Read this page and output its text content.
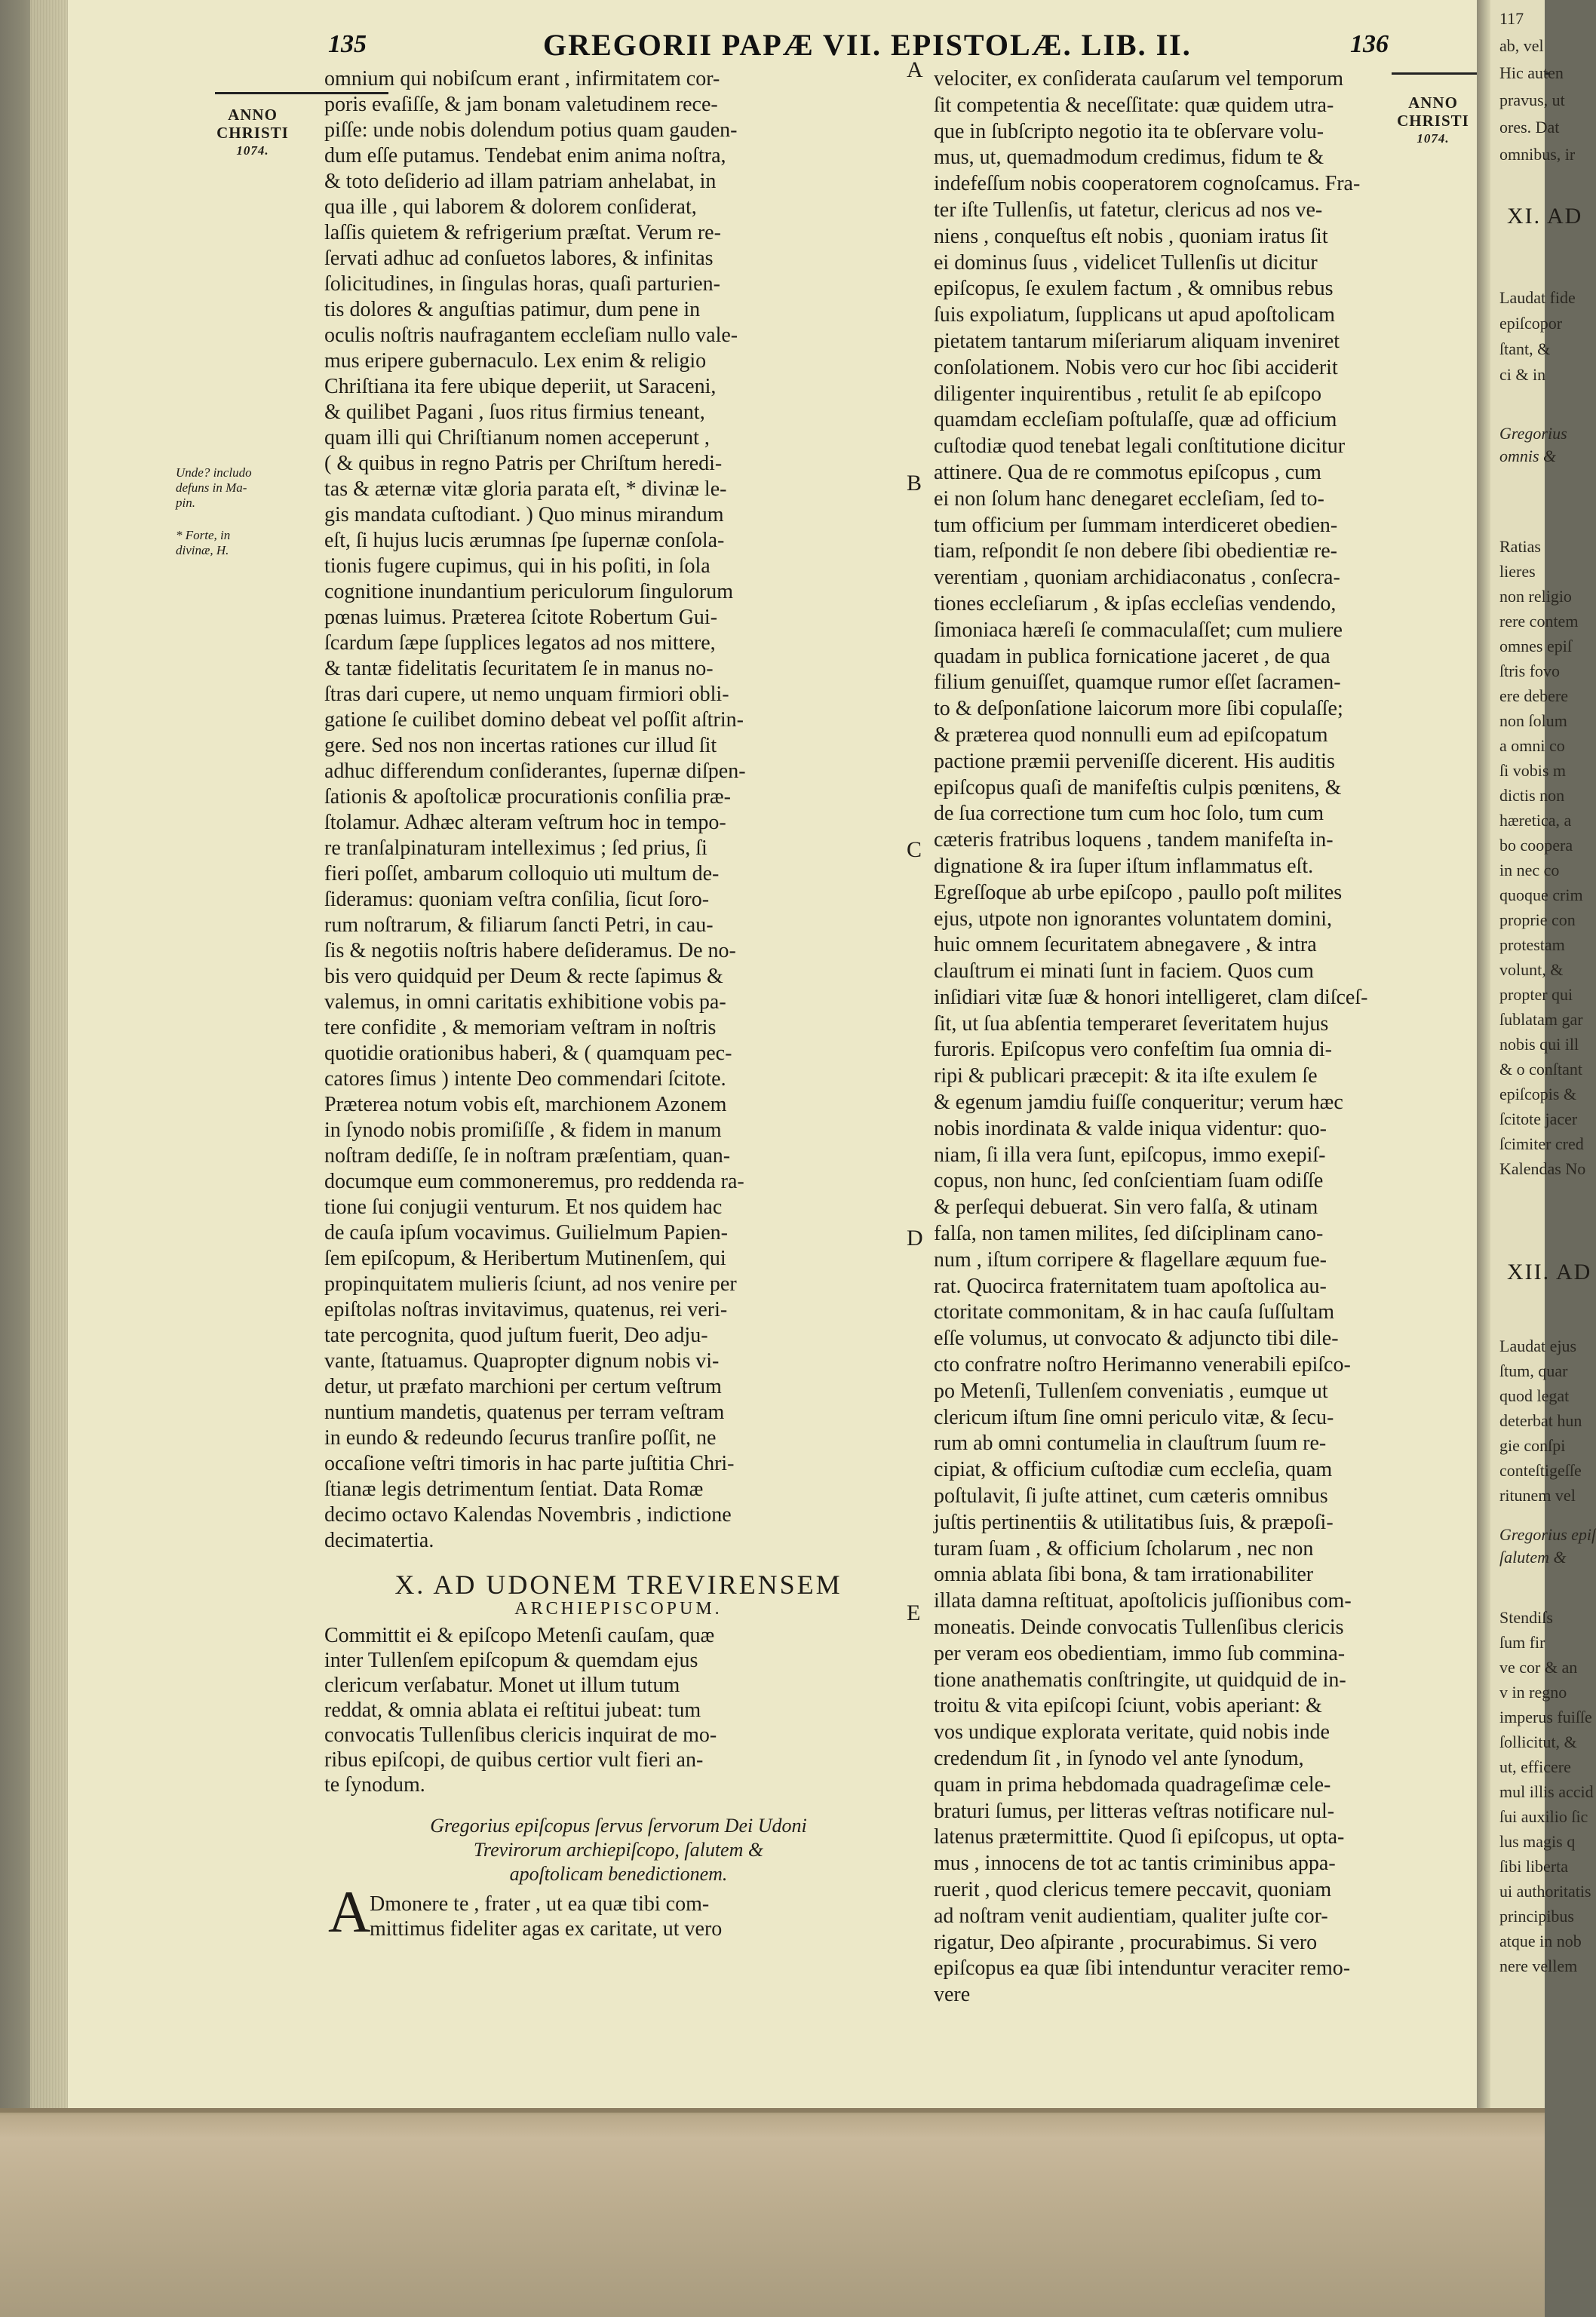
135	GREGORII PAPÆ VII. EPISTOLÆ. LIB. II.	136
ANNO
CHRISTI
1074.
ANNO
CHRISTI
1074.
Unde? includo
defuns in Ma-
pin.
* Forte, in
divinæ, H.
omnium qui nobiſcum erant , infirmitatem cor-
poris evaſiſſe, & jam bonam valetudinem rece-
piſſe: unde nobis dolendum potius quam gauden-
dum eſſe putamus. Tendebat enim anima noſtra,
& toto deſiderio ad illam patriam anhelabat, in
qua ille , qui laborem & dolorem conſiderat,
laſſis quietem & refrigerium præſtat. Verum re-
ſervati adhuc ad conſuetos labores, & infinitas
ſolicitudines, in ſingulas horas, quaſi parturien-
tis dolores & anguſtias patimur, dum pene in
oculis noſtris naufragantem eccleſiam nullo vale-
mus eripere gubernaculo. Lex enim & religio
Chriſtiana ita fere ubique deperiit, ut Saraceni,
& quilibet Pagani , ſuos ritus firmius teneant,
quam illi qui Chriſtianum nomen acceperunt ,
( & quibus in regno Patris per Chriſtum heredi-
tas & æternæ vitæ gloria parata eſt, * divinæ le-
gis mandata cuſtodiant. ) Quo minus mirandum
eſt, ſi hujus lucis ærumnas ſpe ſupernæ conſola-
tionis fugere cupimus, qui in his poſiti, in ſola
cognitione inundantium periculorum ſingulorum
pœnas luimus. Præterea ſcitote Robertum Gui-
ſcardum ſæpe ſupplices legatos ad nos mittere,
& tantæ fidelitatis ſecuritatem ſe in manus no-
ſtras dari cupere, ut nemo unquam firmiori obli-
gatione ſe cuilibet domino debeat vel poſſit aſtrin-
gere. Sed nos non incertas rationes cur illud ſit
adhuc differendum conſiderantes, ſupernæ diſpen-
ſationis & apoſtolicæ procurationis conſilia præ-
ſtolamur. Adhæc alteram veſtrum hoc in tempo-
re tranſalpinaturam intelleximus ; ſed prius, ſi
fieri poſſet, ambarum colloquio uti multum de-
ſideramus: quoniam veſtra conſilia, ſicut ſoro-
rum noſtrarum, & filiarum ſancti Petri, in cau-
ſis & negotiis noſtris habere deſideramus. De no-
bis vero quidquid per Deum & recte ſapimus &
valemus, in omni caritatis exhibitione vobis pa-
tere confidite , & memoriam veſtram in noſtris
quotidie orationibus haberi, & ( quamquam pec-
catores ſimus ) intente Deo commendari ſcitote.
Præterea notum vobis eſt, marchionem Azonem
in ſynodo nobis promiſiſſe , & fidem in manum
noſtram dediſſe, ſe in noſtram præſentiam, quan-
documque eum commoneremus, pro reddenda ra-
tione ſui conjugii venturum. Et nos quidem hac
de cauſa ipſum vocavimus. Guilielmum Papien-
ſem epiſcopum, & Heribertum Mutinenſem, qui
propinquitatem mulieris ſciunt, ad nos venire per
epiſtolas noſtras invitavimus, quatenus, rei veri-
tate percognita, quod juſtum fuerit, Deo adju-
vante, ſtatuamus. Quapropter dignum nobis vi-
detur, ut præfato marchioni per certum veſtrum
nuntium mandetis, quatenus per terram veſtram
in eundo & redeundo ſecurus tranſire poſſit, ne
occaſione veſtri timoris in hac parte juſtitia Chri-
ſtianæ legis detrimentum ſentiat. Data Romæ
decimo octavo Kalendas Novembris , indictione
decimatertia.
X. AD UDONEM TREVIRENSEM
ARCHIEPISCOPUM.
Committit ei & epiſcopo Metenſi cauſam, quæ
inter Tullenſem epiſcopum & quemdam ejus
clericum verſabatur. Monet ut illum tutum
reddat, & omnia ablata ei reſtitui jubeat: tum
convocatis Tullenſibus clericis inquirat de mo-
ribus epiſcopi, de quibus certior vult fieri an-
te ſynodum.
Gregorius epiſcopus ſervus ſervorum Dei Udoni
Trevirorum archiepiſcopo, ſalutem &
apoſtolicam benedictionem.
A
Dmonere te , frater , ut ea quæ tibi com-
mittimus fideliter agas ex caritate, ut vero
A
B
C
D
E
velociter, ex conſiderata cauſarum vel temporum
ſit competentia & neceſſitate: quæ quidem utra-
que in ſubſcripto negotio ita te obſervare volu-
mus, ut, quemadmodum credimus, fidum te &
indefeſſum nobis cooperatorem cognoſcamus. Fra-
ter iſte Tullenſis, ut fatetur, clericus ad nos ve-
niens , conqueſtus eſt nobis , quoniam iratus ſit
ei dominus ſuus , videlicet Tullenſis ut dicitur
epiſcopus, ſe exulem factum , & omnibus rebus
ſuis expoliatum, ſupplicans ut apud apoſtolicam
pietatem tantarum miſeriarum aliquam inveniret
conſolationem. Nobis vero cur hoc ſibi acciderit
diligenter inquirentibus , retulit ſe ab epiſcopo
quamdam eccleſiam poſtulaſſe, quæ ad officium
cuſtodiæ quod tenebat legali conſtitutione dicitur
attinere. Qua de re commotus epiſcopus , cum
ei non ſolum hanc denegaret eccleſiam, ſed to-
tum officium per ſummam interdiceret obedien-
tiam, reſpondit ſe non debere ſibi obedientiæ re-
verentiam , quoniam archidiaconatus , conſecra-
tiones eccleſiarum , & ipſas eccleſias vendendo,
ſimoniaca hæreſi ſe commaculaſſet; cum muliere
quadam in publica fornicatione jaceret , de qua
filium genuiſſet, quamque rumor eſſet ſacramen-
to & deſponſatione laicorum more ſibi copulaſſe;
& præterea quod nonnulli eum ad epiſcopatum
pactione præmii perveniſſe dicerent. His auditis
epiſcopus quaſi de manifeſtis culpis pœnitens, &
de ſua correctione tum cum hoc ſolo, tum cum
cæteris fratribus loquens , tandem manifeſta in-
dignatione & ira ſuper iſtum inflammatus eſt.
Egreſſoque ab urbe epiſcopo , paullo poſt milites
ejus, utpote non ignorantes voluntatem domini,
huic omnem ſecuritatem abnegavere , & intra
clauſtrum ei minati ſunt in faciem. Quos cum
inſidiari vitæ ſuæ & honori intelligeret, clam diſceſ-
ſit, ut ſua abſentia temperaret ſeveritatem hujus
furoris. Epiſcopus vero confeſtim ſua omnia di-
ripi & publicari præcepit: & ita iſte exulem ſe
& egenum jamdiu fuiſſe conqueritur; verum hæc
nobis inordinata & valde iniqua videntur: quo-
niam, ſi illa vera ſunt, epiſcopus, immo exepiſ-
copus, non hunc, ſed conſcientiam ſuam odiſſe
& perſequi debuerat. Sin vero falſa, & utinam
falſa, non tamen milites, ſed diſciplinam cano-
num , iſtum corripere & flagellare æquum fue-
rat. Quocirca fraternitatem tuam apoſtolica au-
ctoritate commonitam, & in hac cauſa ſuſſultam
eſſe volumus, ut convocato & adjuncto tibi dile-
cto confratre noſtro Herimanno venerabili epiſco-
po Metenſi, Tullenſem conveniatis , eumque ut
clericum iſtum ſine omni periculo vitæ, & ſecu-
rum ab omni contumelia in clauſtrum ſuum re-
cipiat, & officium cuſtodiæ cum eccleſia, quam
poſtulavit, ſi juſte attinet, cum cæteris omnibus
juſtis pertinentiis & utilitatibus ſuis, & præpoſi-
turam ſuam , & officium ſcholarum , nec non
omnia ablata ſibi bona, & tam irrationabiliter
illata damna reſtituat, apoſtolicis juſſionibus com-
moneatis. Deinde convocatis Tullenſibus clericis
per veram eos obedientiam, immo ſub commina-
tione anathematis conſtringite, ut quidquid de in-
troitu & vita epiſcopi ſciunt, vobis aperiant: &
vos undique explorata veritate, quid nobis inde
credendum ſit , in ſynodo vel ante ſynodum,
quam in prima hebdomada quadrageſimæ cele-
braturi ſumus, per litteras veſtras notificare nul-
latenus prætermittite. Quod ſi epiſcopus, ut opta-
mus , innocens de tot ac tantis criminibus appa-
ruerit , quod clericus temere peccavit, quoniam
ad noſtram venit audientiam, qualiter juſte cor-
rigatur, Deo aſpirante , procurabimus. Si vero
epiſcopus ea quæ ſibi intenduntur veraciter remo-
vere
117
ab, vel
Hic auten
pravus, ut
ores. Dat
omnibus, ir
XI. AD
Laudat fide
epiſcopor
ſtant, &
ci & in
Gregorius
omnis &
Ratias
lieres
non religio
rere contem
omnes epiſ
ſtris fovo
ere debere
non ſolum
a omni co
ſi vobis m
dictis non
hæretica, a
bo coopera
in nec co
quoque crim
proprie con
protestam
volunt, &
propter qui
ſublatam gar
nobis qui ill
& o conſtant
epiſcopis &
ſcitote jacer
ſcimiter cred
Kalendas No
XII. AD
Laudat ejus
ſtum, quar
quod legat
deterbat hun
gie conſpi
conteſtigeſſe
ritunem vel
Gregorius epiſ
ſalutem &
Stendiſs
ſum fir
ve cor & an
v in regno
imperus fuiſſe
ſollicitut, &
ut, efficere
mul illis accid
ſui auxilio ſic
lus magis q
ſibi liberta
ui authoritatis
principibus
atque in nob
nere vellem
